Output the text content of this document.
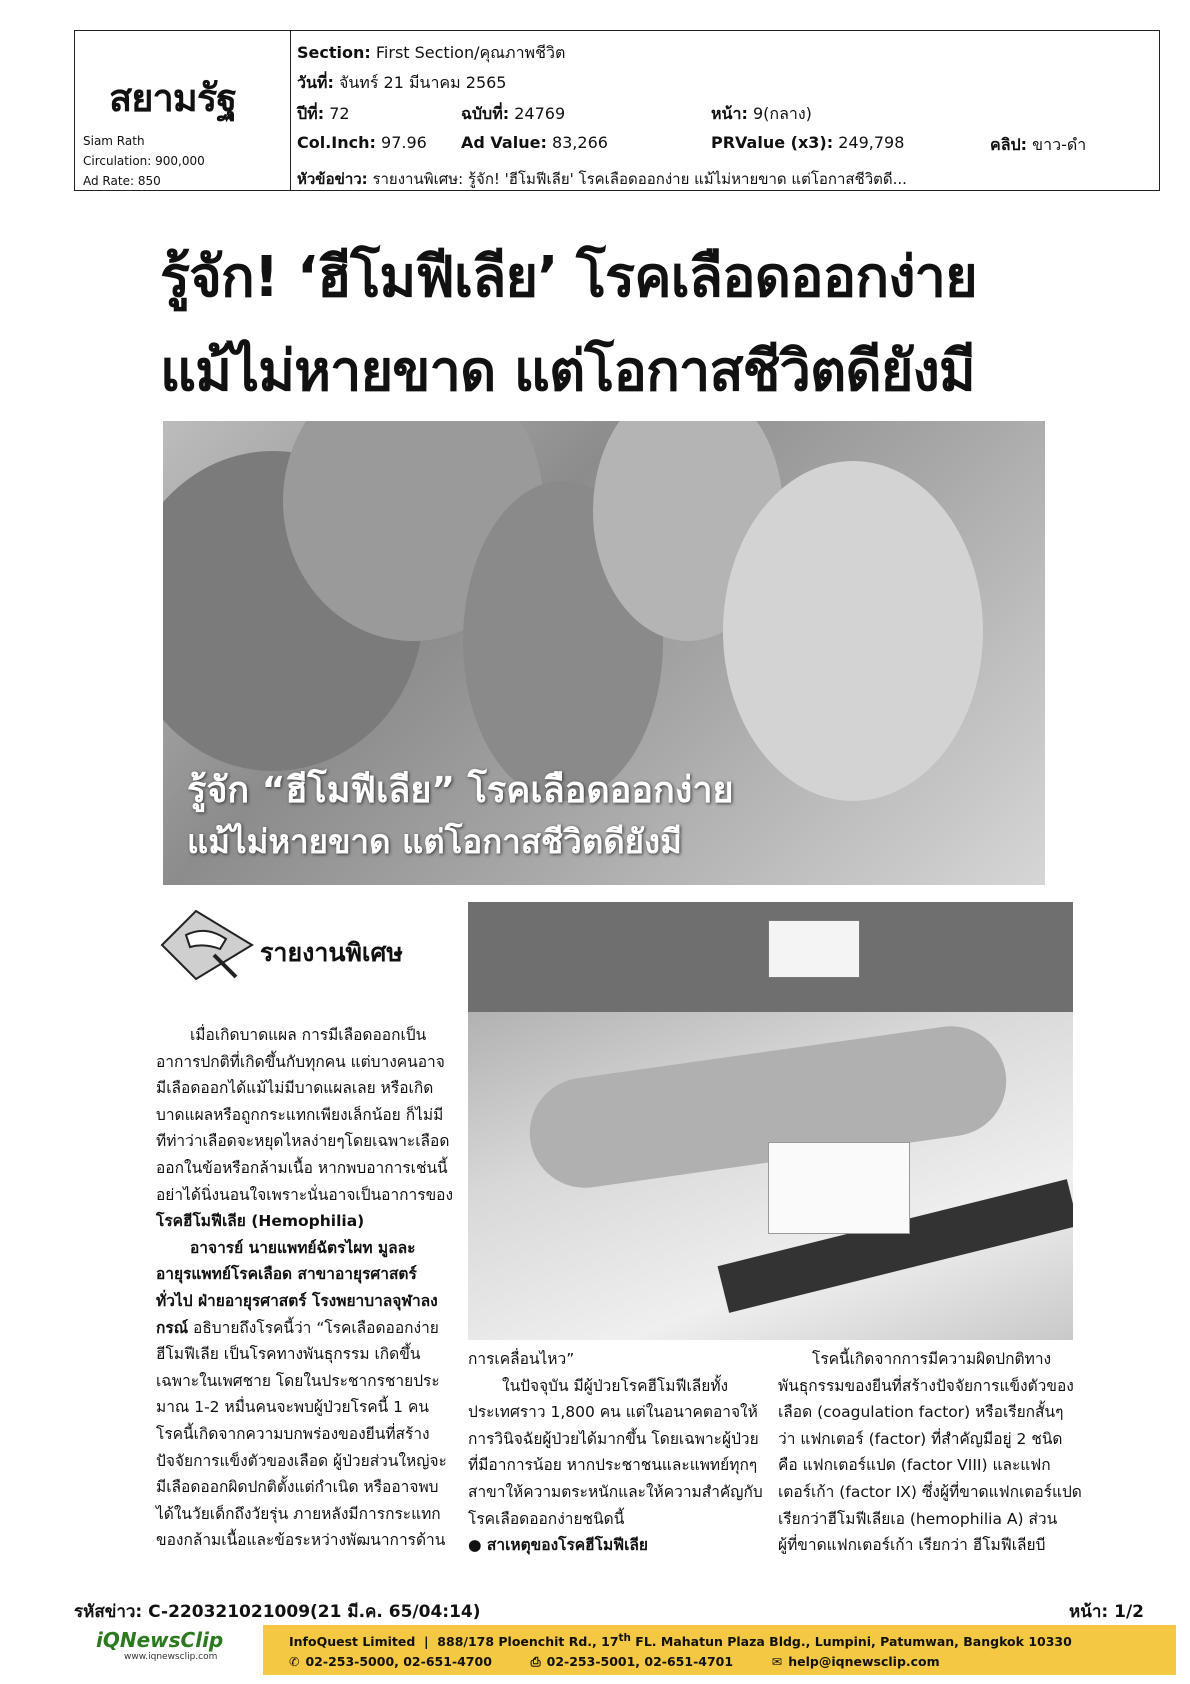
สยามรัฐ
Siam Rath
Circulation: 900,000
Ad Rate: 850
Section: First Section/คุณภาพชีวิต
วันที่: จันทร์ 21 มีนาคม 2565
ปีที่: 72	ฉบับที่: 24769	หน้า: 9(กลาง)
Col.Inch: 97.96 Ad Value: 83,266	PRValue (x3): 249,798	คลิป: ขาว-ดำ
หัวข้อข่าว: รายงานพิเศษ: รู้จัก! 'ฮีโมฟีเลีย' โรคเลือดออกง่าย แม้ไม่หายขาด แต่โอกาสชีวิตดี...
รู้จัก! ‘ฮีโมฟีเลีย’ โรคเลือดออกง่าย
แม้ไม่หายขาด แต่โอกาสชีวิตดียังมี
รู้จัก “ฮีโมฟีเลีย” โรคเลือดออกง่าย
แม้ไม่หายขาด แต่โอกาสชีวิตดียังมี
รายงานพิเศษ
เมื่อเกิดบาดแผล การมีเลือดออกเป็น
อาการปกติที่เกิดขึ้นกับทุกคน แต่บางคนอาจ
มีเลือดออกได้แม้ไม่มีบาดแผลเลย หรือเกิด
บาดแผลหรือถูกกระแทกเพียงเล็กน้อย ก็ไม่มี
ทีท่าว่าเลือดจะหยุดไหลง่ายๆโดยเฉพาะเลือด
ออกในข้อหรือกล้ามเนื้อ หากพบอาการเช่นนี้
อย่าได้นิ่งนอนใจเพราะนั่นอาจเป็นอาการของ
โรคฮีโมฟีเลีย (Hemophilia)
อาจารย์ นายแพทย์ฉัตรไผท มูลละ
อายุรแพทย์โรคเลือด สาขาอายุรศาสตร์
ทั่วไป ฝ่ายอายุรศาสตร์ โรงพยาบาลจุฬาลง
กรณ์ อธิบายถึงโรคนี้ว่า “โรคเลือดออกง่าย
ฮีโมฟีเลีย เป็นโรคทางพันธุกรรม เกิดขึ้น
เฉพาะในเพศชาย โดยในประชากรชายประ
มาณ 1-2 หมื่นคนจะพบผู้ป่วยโรคนี้ 1 คน
โรคนี้เกิดจากความบกพร่องของยีนที่สร้าง
ปัจจัยการแข็งตัวของเลือด ผู้ป่วยส่วนใหญ่จะ
มีเลือดออกผิดปกติตั้งแต่กำเนิด หรืออาจพบ
ได้ในวัยเด็กถึงวัยรุ่น ภายหลังมีการกระแทก
ของกล้ามเนื้อและข้อระหว่างพัฒนาการด้าน
การเคลื่อนไหว”
ในปัจจุบัน มีผู้ป่วยโรคฮีโมฟีเลียทั้ง
ประเทศราว 1,800 คน แต่ในอนาคตอาจให้
การวินิจฉัยผู้ป่วยได้มากขึ้น โดยเฉพาะผู้ป่วย
ที่มีอาการน้อย หากประชาชนและแพทย์ทุกๆ
สาขาให้ความตระหนักและให้ความสำคัญกับ
โรคเลือดออกง่ายชนิดนี้
● สาเหตุของโรคฮีโมฟีเลีย
โรคนี้เกิดจากการมีความผิดปกติทาง
พันธุกรรมของยีนที่สร้างปัจจัยการแข็งตัวของ
เลือด (coagulation factor) หรือเรียกสั้นๆ
ว่า แฟกเตอร์ (factor) ที่สำคัญมีอยู่ 2 ชนิด
คือ แฟกเตอร์แปด (factor VIII) และแฟก
เตอร์เก้า (factor IX) ซึ่งผู้ที่ขาดแฟกเตอร์แปด
เรียกว่าฮีโมฟีเลียเอ (hemophilia A) ส่วน
ผู้ที่ขาดแฟกเตอร์เก้า เรียกว่า ฮีโมฟีเลียบี
รหัสข่าว: C-220321021009(21 มี.ค. 65/04:14)	หน้า: 1/2
iQNewsClip
www.iqnewsclip.com
InfoQuest Limited  |  888/178 Ploenchit Rd., 17th FL. Mahatun Plaza Bldg., Lumpini, Patumwan, Bangkok 10330
✆ 02-253-5000, 02-651-4700	⎙ 02-253-5001, 02-651-4701	✉ help@iqnewsclip.com
